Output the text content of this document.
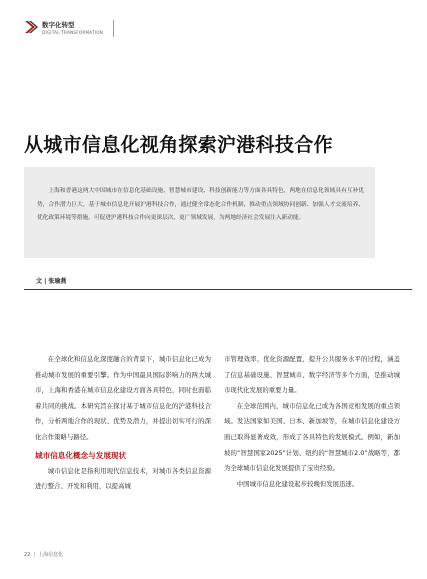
数字化转型
DIGITAL TRANSFORMATION
从城市信息化视角探索沪港科技合作

上海和香港这两大中国城市在信息化基础设施、智慧城市建设、科技创新能力等方面各具特色，两地在信息化领域具有互补优势，合作潜力巨大。基于城市信息化开展沪港科技合作，通过健全常态化合作机制、推动重点领域协同创新、加强人才交流培养、优化政策环境等措施，可促进沪港科技合作向更深层次、更广领域发展，为两地经济社会发展注入新动能。

文 | 张瑜燕

在全球化和信息化深度融合的背景下，城市信息化已成为推动城市发展的重要引擎。作为中国最具国际影响力的两大城市，上海和香港在城市信息化建设方面各具特色，同时也面临着共同的挑战。本研究旨在探讨基于城市信息化的沪港科技合作，分析两地合作的现状、优势及潜力，并提出切实可行的深化合作策略与路径。

城市信息化概念与发展现状

城市信息化是指利用现代信息技术，对城市各类信息资源进行整合、开发和利用，以提高城

市管理效率、优化资源配置、提升公共服务水平的过程，涵盖了信息基础设施、智慧城市、数字经济等多个方面，是推动城市现代化发展的重要力量。

在全球范围内，城市信息化已成为各国竞相发展的重点领域。发达国家如美国、日本、新加坡等，在城市信息化建设方面已取得显著成效，形成了各具特色的发展模式。例如，新加坡的“智慧国家2025”计划、纽约的“智慧城市2.0”战略等，都为全球城市信息化发展提供了宝贵经验。

中国城市信息化建设起步较晚但发展迅速。

22 | 上海信息化
